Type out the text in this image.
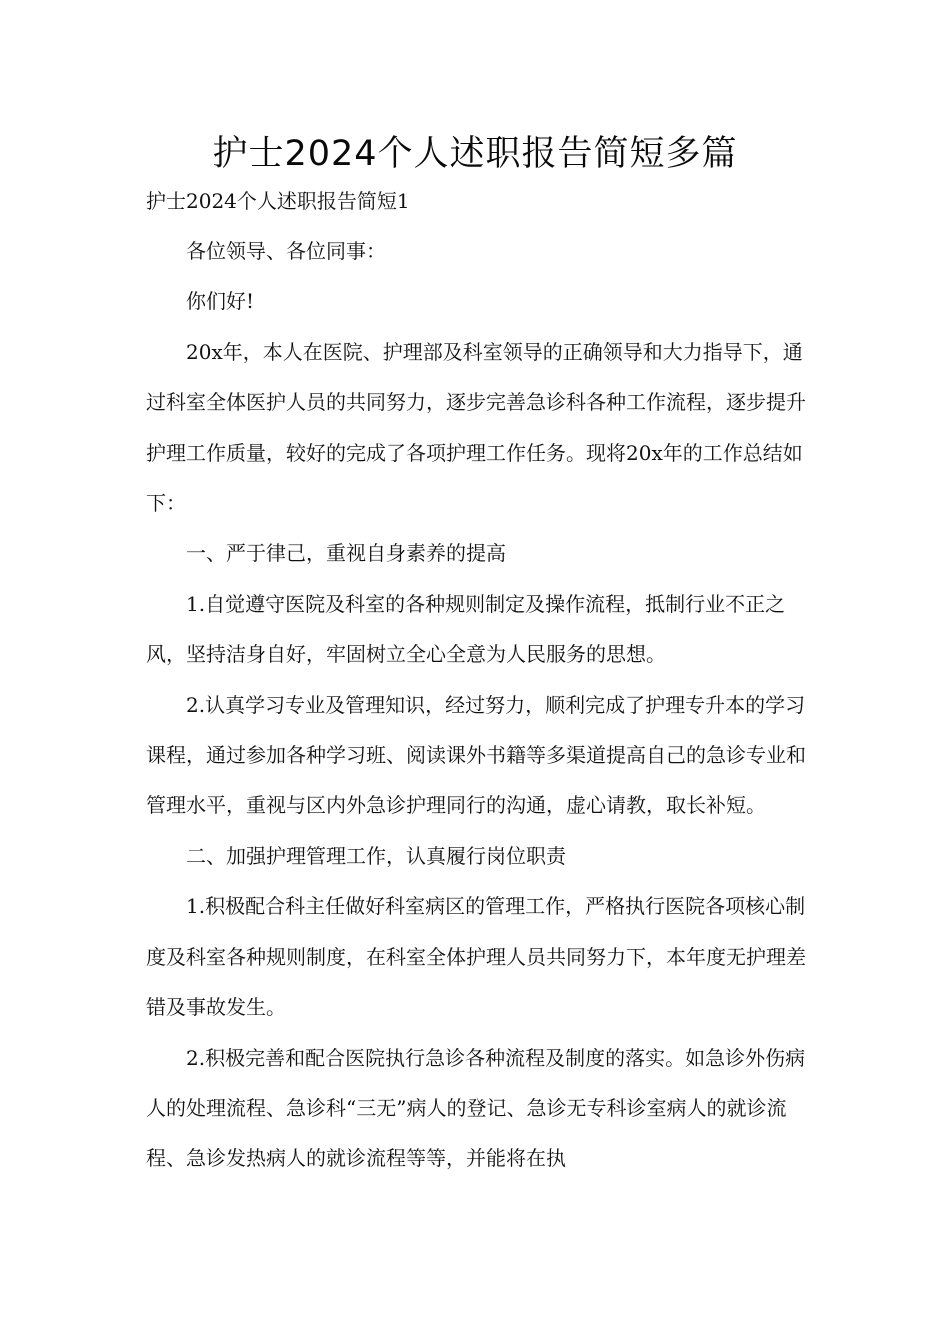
护士2024个人述职报告简短多篇
护士2024个人述职报告简短1

各位领导、各位同事：

你们好!

20x年，本人在医院、护理部及科室领导的正确领导和大力指导下，通过科室全体医护人员的共同努力，逐步完善急诊科各种工作流程，逐步提升护理工作质量，较好的完成了各项护理工作任务。现将20x年的工作总结如下：

一、严于律己，重视自身素养的提高

1.自觉遵守医院及科室的各种规则制定及操作流程，抵制行业不正之风，坚持洁身自好，牢固树立全心全意为人民服务的思想。

2.认真学习专业及管理知识，经过努力，顺利完成了护理专升本的学习课程，通过参加各种学习班、阅读课外书籍等多渠道提高自己的急诊专业和管理水平，重视与区内外急诊护理同行的沟通，虚心请教，取长补短。

二、加强护理管理工作，认真履行岗位职责

1.积极配合科主任做好科室病区的管理工作，严格执行医院各项核心制度及科室各种规则制度，在科室全体护理人员共同努力下，本年度无护理差错及事故发生。

2.积极完善和配合医院执行急诊各种流程及制度的落实。如急诊外伤病人的处理流程、急诊科“三无”病人的登记、急诊无专科诊室病人的就诊流程、急诊发热病人的就诊流程等等，并能将在执
